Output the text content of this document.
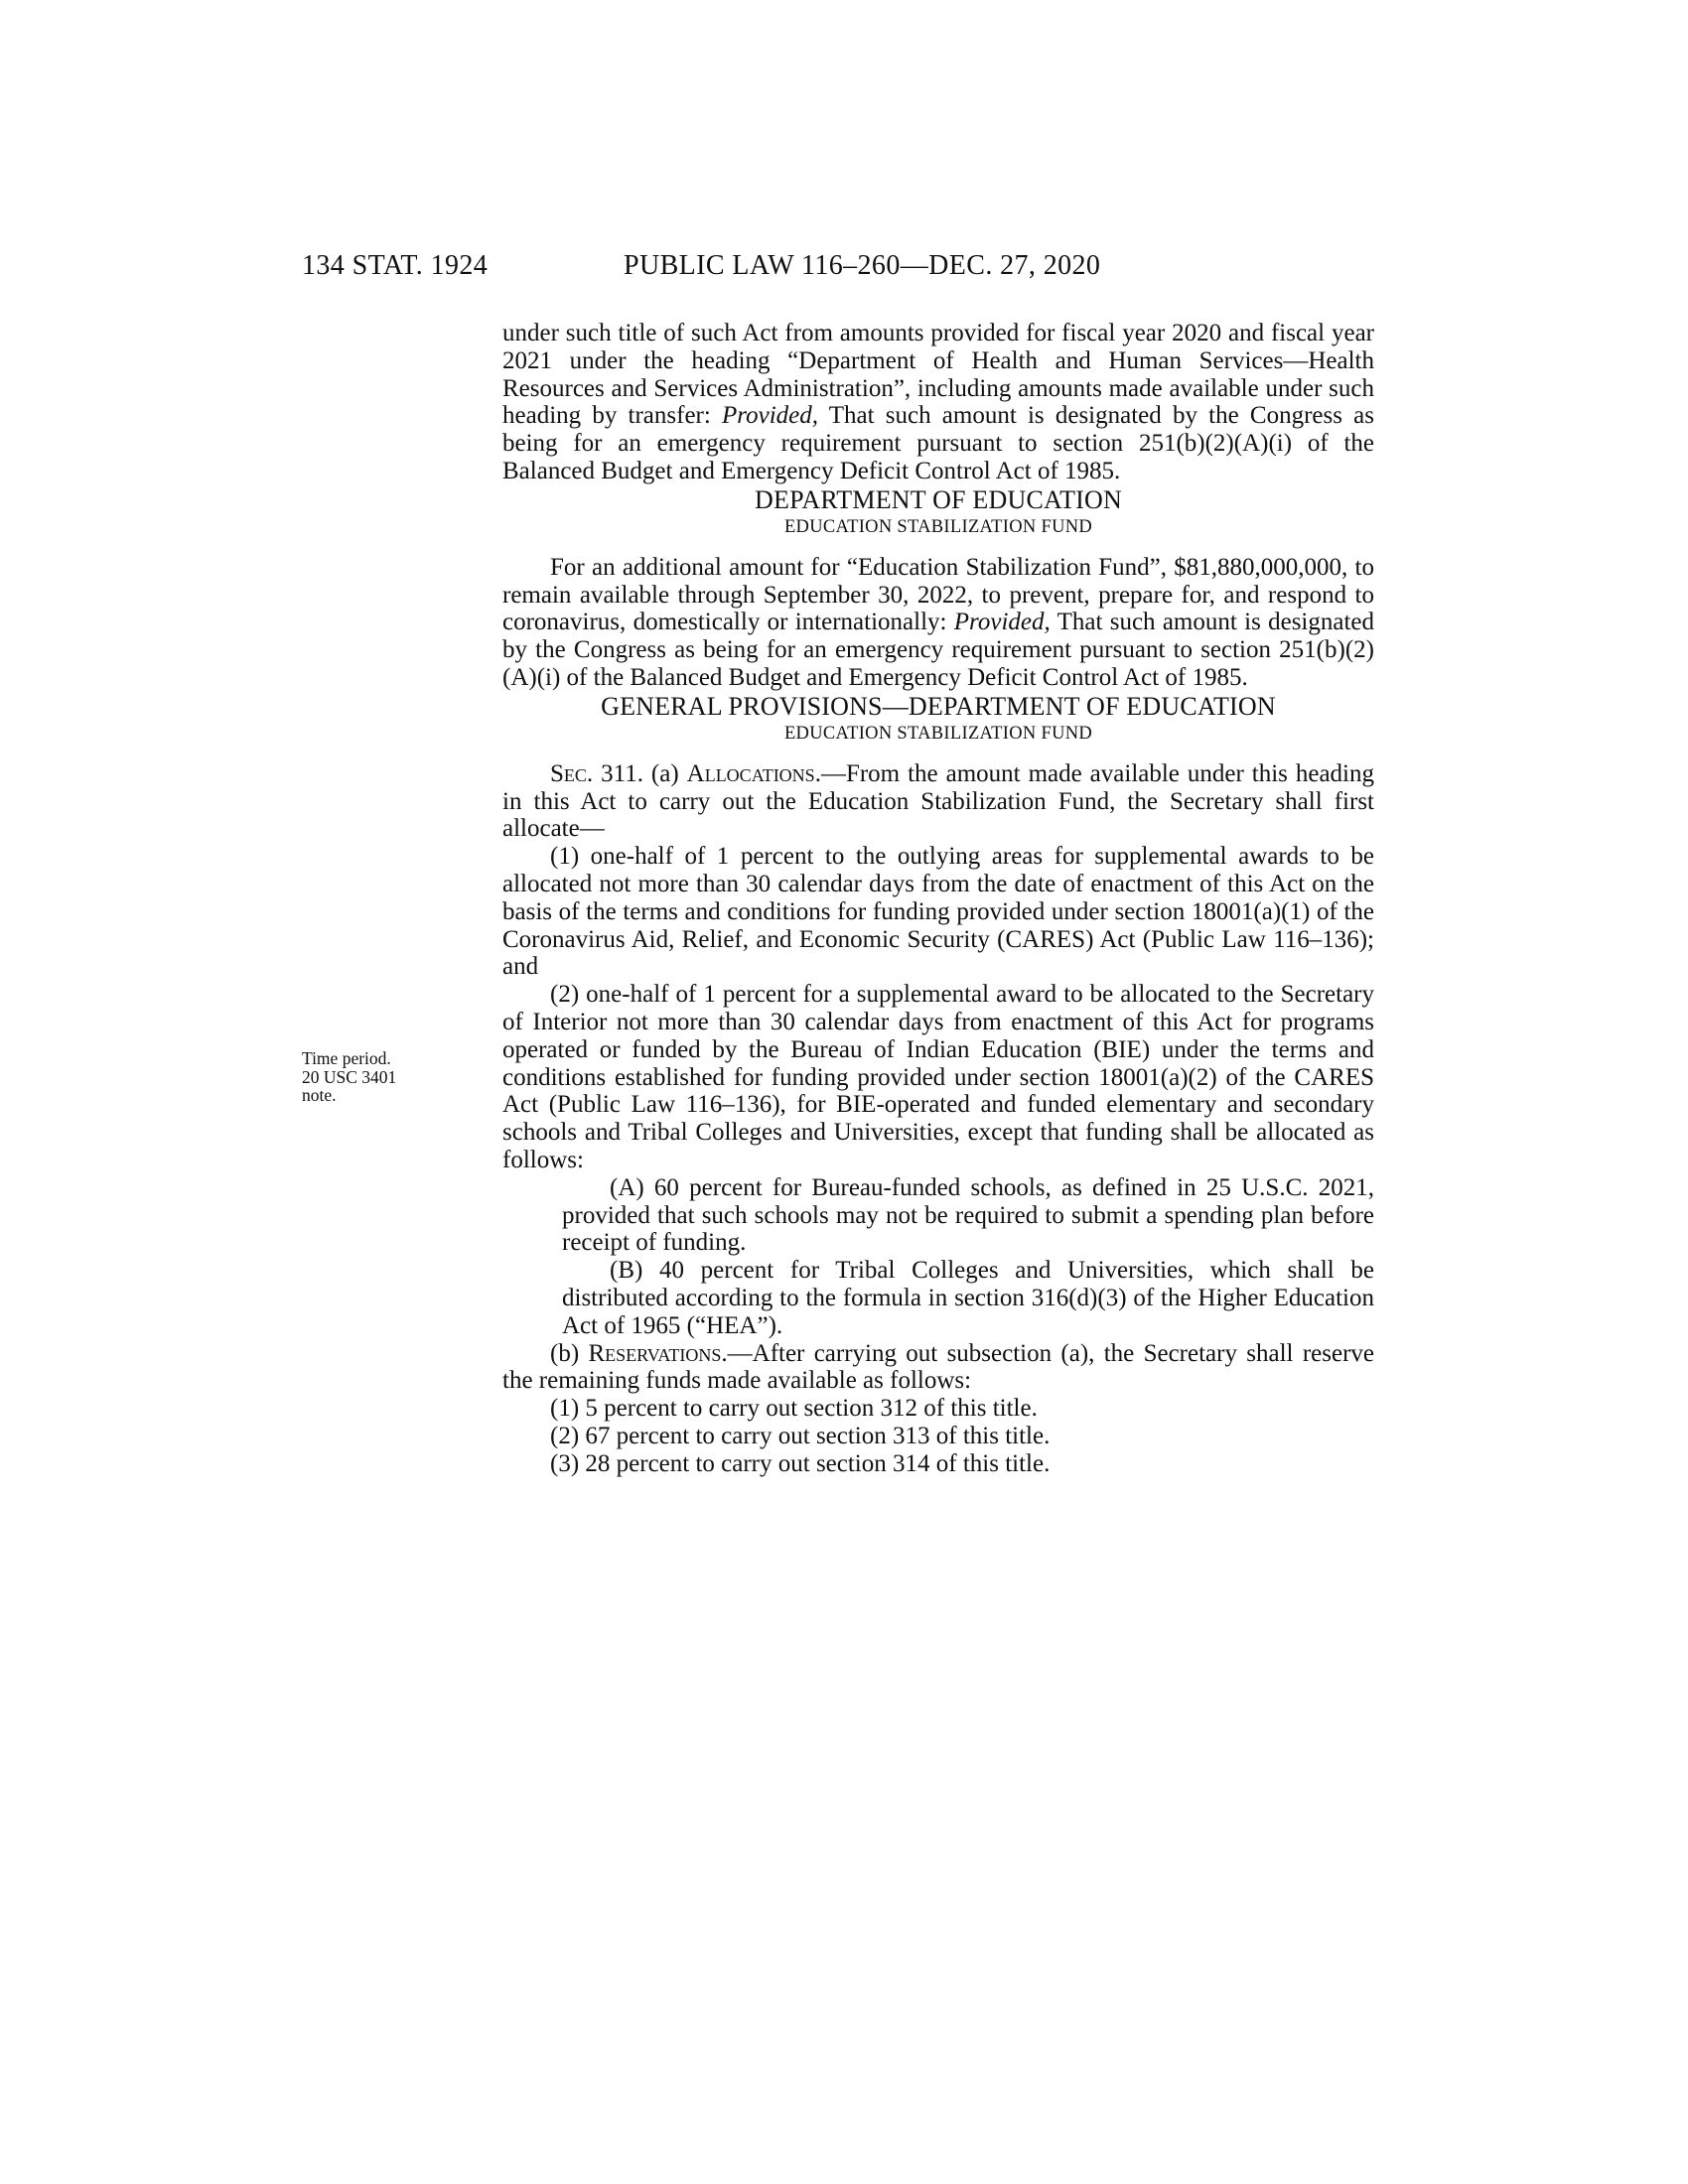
134 STAT. 1924	PUBLIC LAW 116–260—DEC. 27, 2020
Time period.
20 USC 3401
note.

under such title of such Act from amounts provided for fiscal year 2020 and fiscal year 2021 under the heading “Department of Health and Human Services—Health Resources and Services Administration”, including amounts made available under such heading by transfer: Provided, That such amount is designated by the Congress as being for an emergency requirement pursuant to section 251(b)(2)(A)(i) of the Balanced Budget and Emergency Deficit Control Act of 1985.

DEPARTMENT OF EDUCATION

EDUCATION STABILIZATION FUND

For an additional amount for “Education Stabilization Fund”, $81,880,000,000, to remain available through September 30, 2022, to prevent, prepare for, and respond to coronavirus, domestically or internationally: Provided, That such amount is designated by the Congress as being for an emergency requirement pursuant to section 251(b)(2)(A)(i) of the Balanced Budget and Emergency Deficit Control Act of 1985.

GENERAL PROVISIONS—DEPARTMENT OF EDUCATION

EDUCATION STABILIZATION FUND

Sec. 311. (a) Allocations.—From the amount made available under this heading in this Act to carry out the Education Stabilization Fund, the Secretary shall first allocate—

(1) one-half of 1 percent to the outlying areas for supplemental awards to be allocated not more than 30 calendar days from the date of enactment of this Act on the basis of the terms and conditions for funding provided under section 18001(a)(1) of the Coronavirus Aid, Relief, and Economic Security (CARES) Act (Public Law 116–136); and

(2) one-half of 1 percent for a supplemental award to be allocated to the Secretary of Interior not more than 30 calendar days from enactment of this Act for programs operated or funded by the Bureau of Indian Education (BIE) under the terms and conditions established for funding provided under section 18001(a)(2) of the CARES Act (Public Law 116–136), for BIE-operated and funded elementary and secondary schools and Tribal Colleges and Universities, except that funding shall be allocated as follows:

(A) 60 percent for Bureau-funded schools, as defined in 25 U.S.C. 2021, provided that such schools may not be required to submit a spending plan before receipt of funding.

(B) 40 percent for Tribal Colleges and Universities, which shall be distributed according to the formula in section 316(d)(3) of the Higher Education Act of 1965 (“HEA”).

(b) Reservations.—After carrying out subsection (a), the Secretary shall reserve the remaining funds made available as follows:

(1) 5 percent to carry out section 312 of this title.

(2) 67 percent to carry out section 313 of this title.

(3) 28 percent to carry out section 314 of this title.
